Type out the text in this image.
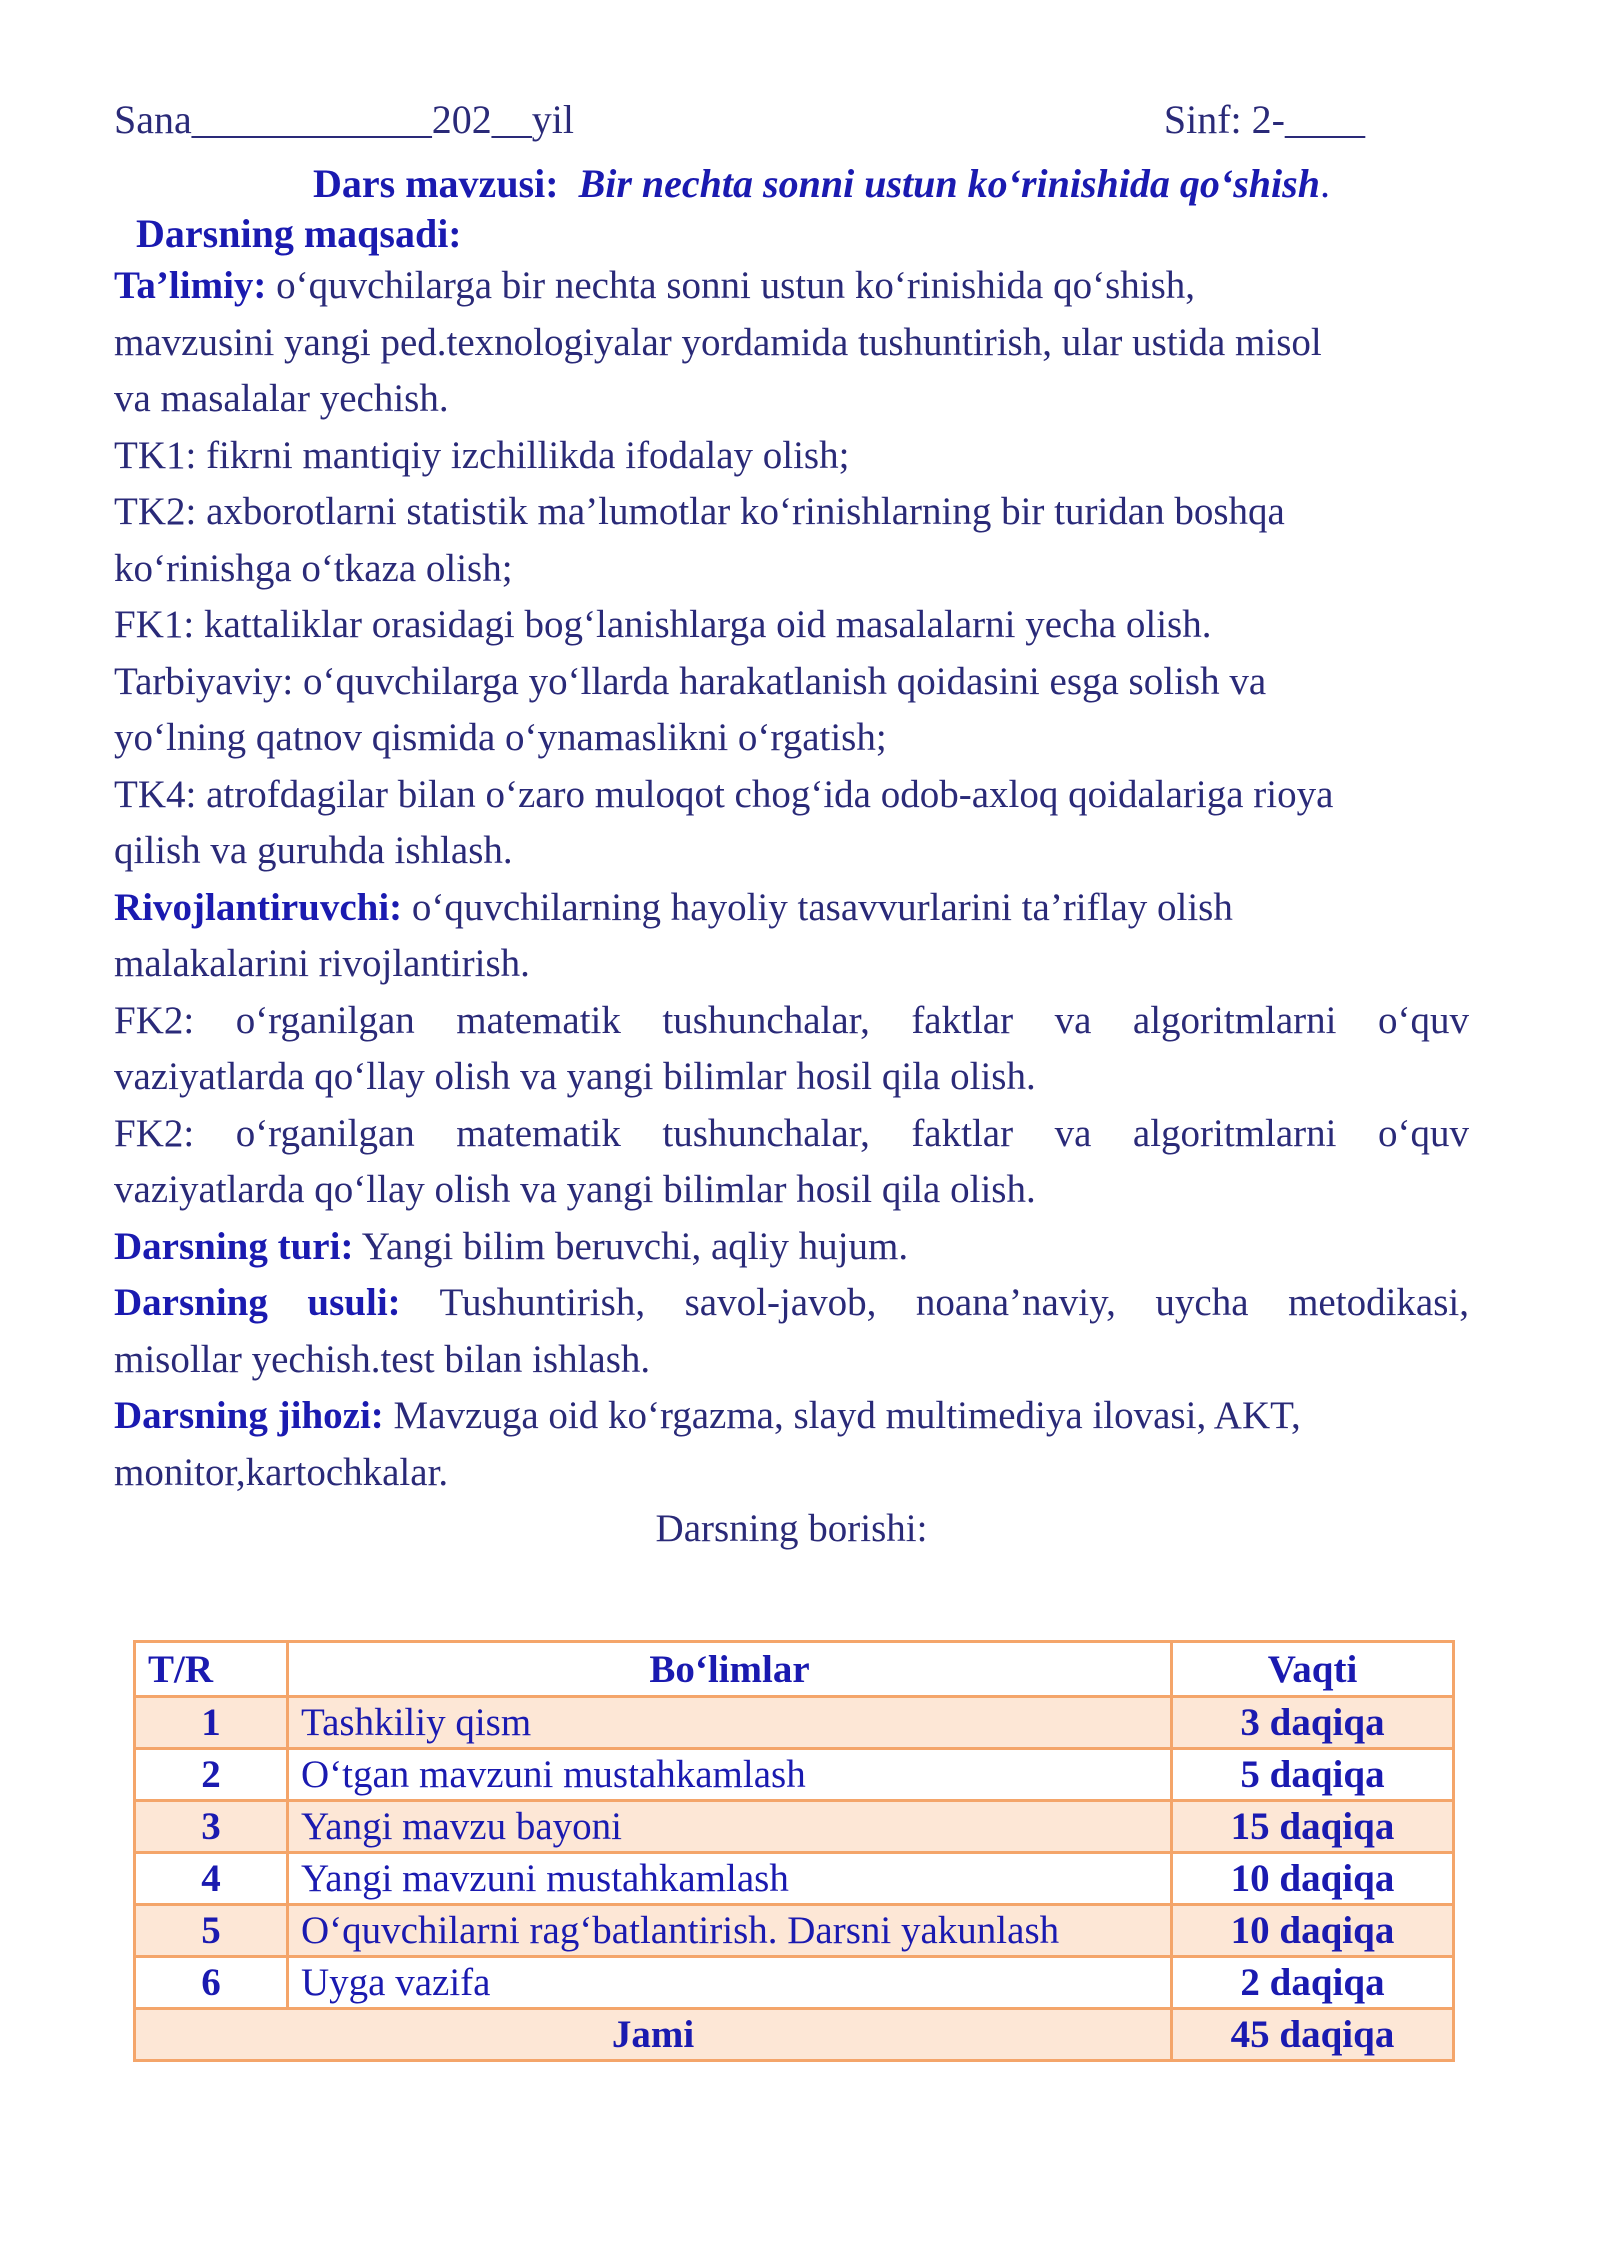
Sana____________202__yil	Sinf: 2-____
Dars mavzusi: Bir nechta sonni ustun ko‘rinishida qo‘shish.
Darsning maqsadi:
Ta’limiy: o‘quvchilarga bir nechta sonni ustun ko‘rinishida qo‘shish,
mavzusini yangi ped.texnologiyalar yordamida tushuntirish, ular ustida misol
va masalalar yechish.
TK1: fikrni mantiqiy izchillikda ifodalay olish;
TK2: axborotlarni statistik ma’lumotlar ko‘rinishlarning bir turidan boshqa
ko‘rinishga o‘tkaza olish;
FK1: kattaliklar orasidagi bog‘lanishlarga oid masalalarni yecha olish.
Tarbiyaviy: o‘quvchilarga yo‘llarda harakatlanish qoidasini esga solish va
yo‘lning qatnov qismida o‘ynamaslikni o‘rgatish;
TK4: atrofdagilar bilan o‘zaro muloqot chog‘ida odob-axloq qoidalariga rioya
qilish va guruhda ishlash.
Rivojlantiruvchi: o‘quvchilarning hayoliy tasavvurlarini ta’riflay olish
malakalarini rivojlantirish.
FK2: o‘rganilgan matematik tushunchalar, faktlar va algoritmlarni o‘quv
vaziyatlarda qo‘llay olish va yangi bilimlar hosil qila olish.
FK2: o‘rganilgan matematik tushunchalar, faktlar va algoritmlarni o‘quv
vaziyatlarda qo‘llay olish va yangi bilimlar hosil qila olish.
Darsning turi: Yangi bilim beruvchi, aqliy hujum.
Darsning usuli: Tushuntirish, savol-javob, noana’naviy, uycha metodikasi,
misollar yechish.test bilan ishlash.
Darsning jihozi: Mavzuga oid ko‘rgazma, slayd multimediya ilovasi, AKT,
monitor,kartochkalar.
Darsning borishi:
T/R	Bo‘limlar	Vaqti
1	Tashkiliy qism	3 daqiqa
2	O‘tgan mavzuni mustahkamlash	5 daqiqa
3	Yangi mavzu bayoni	15 daqiqa
4	Yangi mavzuni mustahkamlash	10 daqiqa
5	O‘quvchilarni rag‘batlantirish. Darsni yakunlash	10 daqiqa
6	Uyga vazifa	2 daqiqa
Jami		45 daqiqa
